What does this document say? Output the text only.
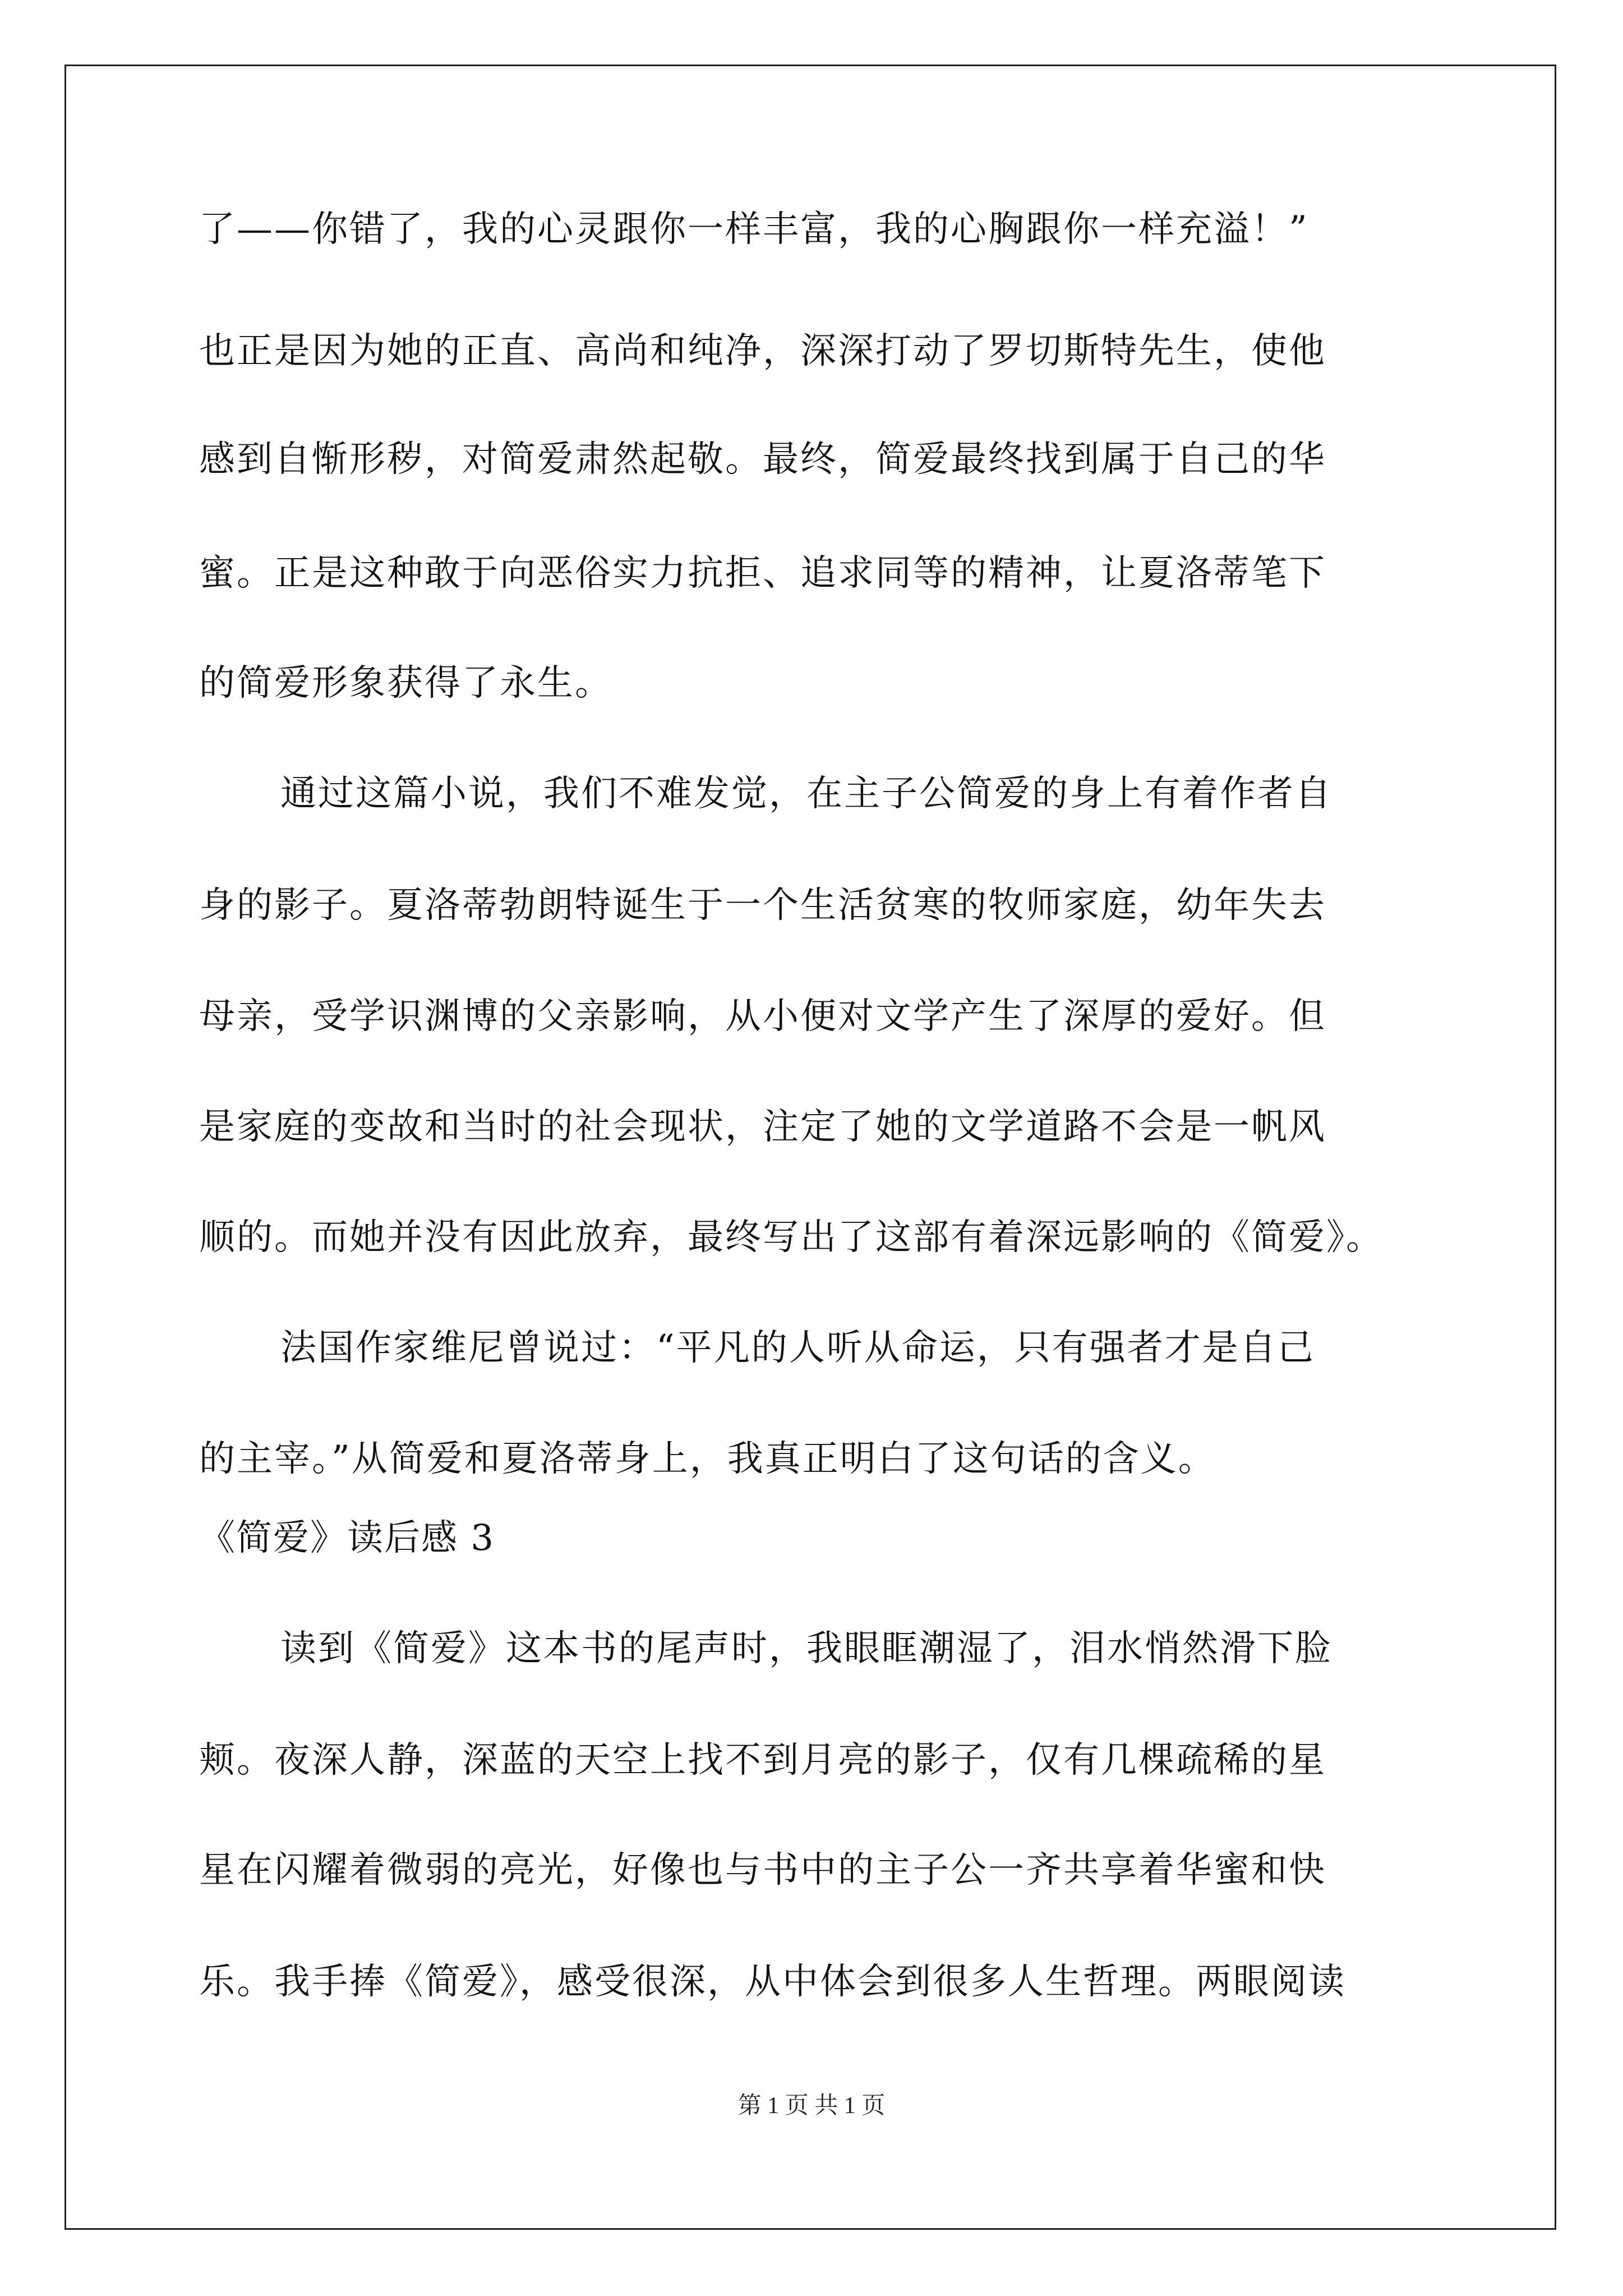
了——你错了，我的心灵跟你一样丰富，我的心胸跟你一样充溢！”
也正是因为她的正直、高尚和纯净，深深打动了罗切斯特先生，使他
感到自惭形秽，对简爱肃然起敬。最终，简爱最终找到属于自己的华
蜜。正是这种敢于向恶俗实力抗拒、追求同等的精神，让夏洛蒂笔下
的简爱形象获得了永生。
通过这篇小说，我们不难发觉，在主子公简爱的身上有着作者自
身的影子。夏洛蒂勃朗特诞生于一个生活贫寒的牧师家庭，幼年失去
母亲，受学识渊博的父亲影响，从小便对文学产生了深厚的爱好。但
是家庭的变故和当时的社会现状，注定了她的文学道路不会是一帆风
顺的。而她并没有因此放弃，最终写出了这部有着深远影响的《简爱》。
法国作家维尼曾说过：“平凡的人听从命运，只有强者才是自己
的主宰。”从简爱和夏洛蒂身上，我真正明白了这句话的含义。
《简爱》读后感 3
读到《简爱》这本书的尾声时，我眼眶潮湿了，泪水悄然滑下脸
颊。夜深人静，深蓝的天空上找不到月亮的影子，仅有几棵疏稀的星
星在闪耀着微弱的亮光，好像也与书中的主子公一齐共享着华蜜和快
乐。我手捧《简爱》，感受很深，从中体会到很多人生哲理。两眼阅读
第 1 页 共 1 页
